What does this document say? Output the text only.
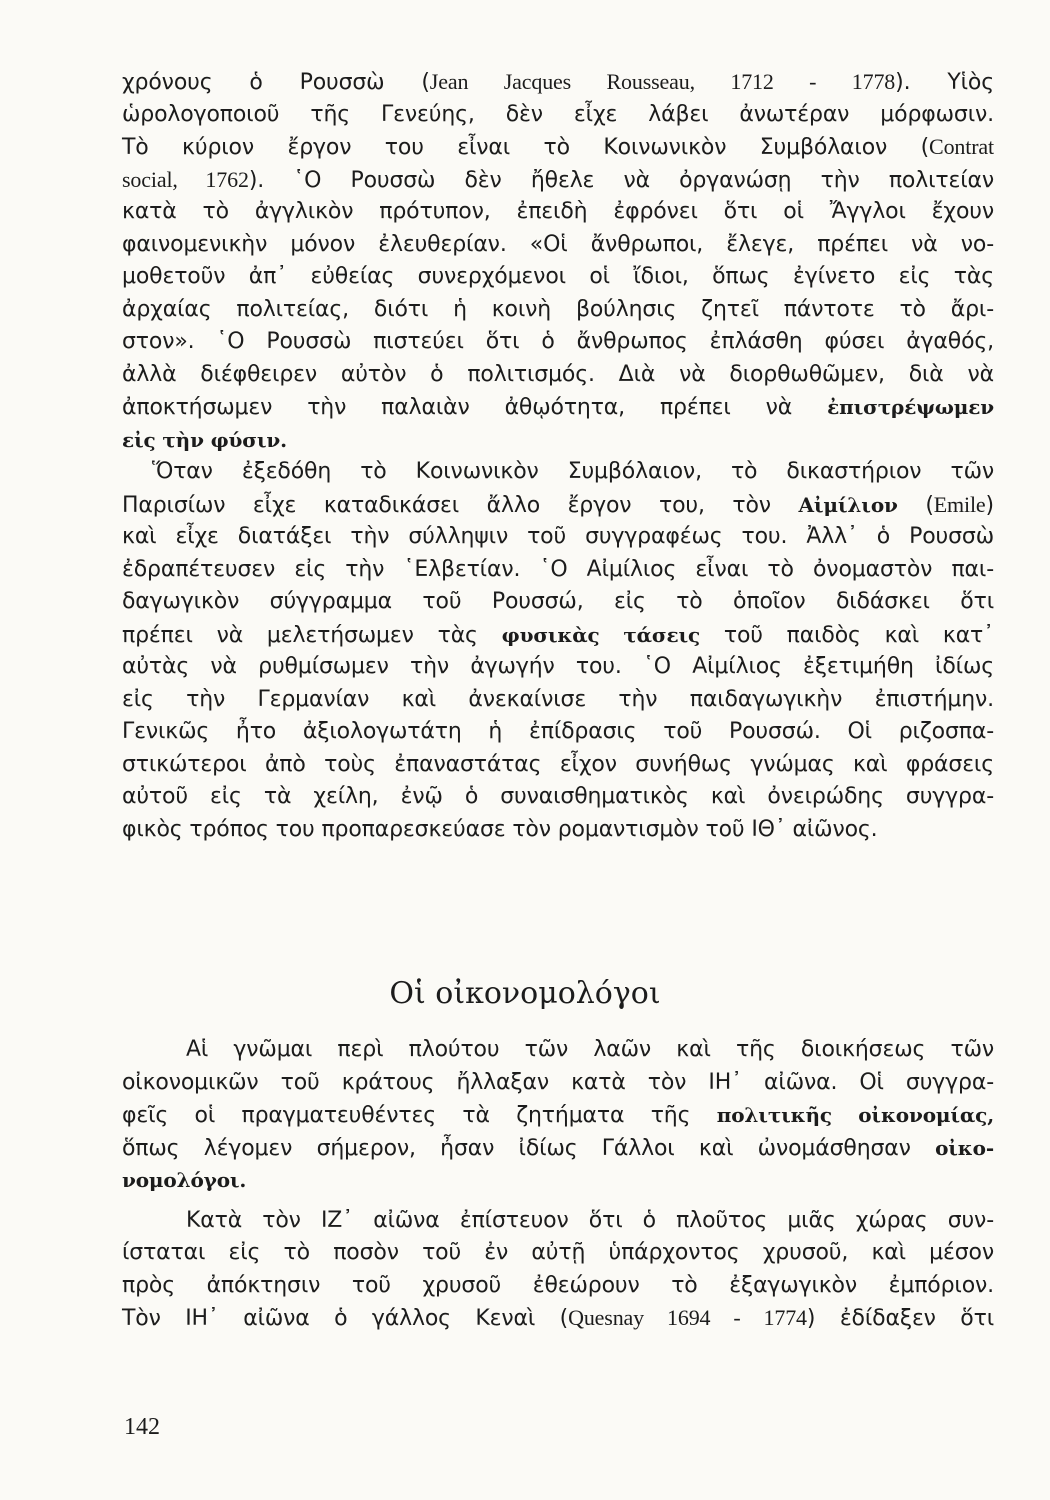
χρόνους ὁ Ρουσσὼ (Jean Jacques Rousseau, 1712 - 1778). Υἱὸς
ὡρολογοποιοῦ τῆς Γενεύης, δὲν εἶχε λάβει ἀνωτέραν μόρφωσιν.
Τὸ κύριον ἔργον του εἶναι τὸ Κοινωνικὸν Συμβόλαιον (Contrat
social, 1762). ῾Ο Ρουσσὼ δὲν ἤθελε νὰ ὀργανώσῃ τὴν πολιτείαν
κατὰ τὸ ἀγγλικὸν πρότυπον, ἐπειδὴ ἐφρόνει ὅτι οἱ Ἄγγλοι ἔχουν
φαινομενικὴν μόνον ἐλευθερίαν. «Οἱ ἄνθρωποι, ἔλεγε, πρέπει νὰ νο-
μοθετοῦν ἀπ᾿ εὐθείας συνερχόμενοι οἱ ἴδιοι, ὅπως ἐγίνετο εἰς τὰς
ἀρχαίας πολιτείας, διότι ἡ κοινὴ βούλησις ζητεῖ πάντοτε τὸ ἄρι-
στον». ῾Ο Ρουσσὼ πιστεύει ὅτι ὁ ἄνθρωπος ἐπλάσθη φύσει ἀγαθός,
ἀλλὰ διέφθειρεν αὐτὸν ὁ πολιτισμός. Διὰ νὰ διορθωθῶμεν, διὰ νὰ
ἀποκτήσωμεν τὴν παλαιὰν ἀθῳότητα, πρέπει νὰ ἐπιστρέψωμεν
εἰς τὴν φύσιν.
Ὅταν ἐξεδόθη τὸ Κοινωνικὸν Συμβόλαιον, τὸ δικαστήριον τῶν
Παρισίων εἶχε καταδικάσει ἄλλο ἔργον του, τὸν Αἰμίλιον (Emile)
καὶ εἶχε διατάξει τὴν σύλληψιν τοῦ συγγραφέως του. Ἀλλ᾿ ὁ Ρουσσὼ
ἐδραπέτευσεν εἰς τὴν ῾Ελβετίαν. ῾Ο Αἰμίλιος εἶναι τὸ ὀνομαστὸν παι-
δαγωγικὸν σύγγραμμα τοῦ Ρουσσώ, εἰς τὸ ὁποῖον διδάσκει ὅτι
πρέπει νὰ μελετήσωμεν τὰς φυσικὰς τάσεις τοῦ παιδὸς καὶ κατ᾿
αὐτὰς νὰ ρυθμίσωμεν τὴν ἀγωγήν του. ῾Ο Αἰμίλιος ἐξετιμήθη ἰδίως
εἰς τὴν Γερμανίαν καὶ ἀνεκαίνισε τὴν παιδαγωγικὴν ἐπιστήμην.
Γενικῶς ἦτο ἀξιολογωτάτη ἡ ἐπίδρασις τοῦ Ρουσσώ. Οἱ ριζοσπα-
στικώτεροι ἀπὸ τοὺς ἐπαναστάτας εἶχον συνήθως γνώμας καὶ φράσεις
αὐτοῦ εἰς τὰ χείλη, ἐνῷ ὁ συναισθηματικὸς καὶ ὀνειρώδης συγγρα-
φικὸς τρόπος του προπαρεσκεύασε τὸν ρομαντισμὸν τοῦ ΙΘ᾿ αἰῶνος.
Οἱ οἰκονομολόγοι
Αἱ γνῶμαι περὶ πλούτου τῶν λαῶν καὶ τῆς διοικήσεως τῶν
οἰκονομικῶν τοῦ κράτους ἤλλαξαν κατὰ τὸν ΙΗ᾿ αἰῶνα. Οἱ συγγρα-
φεῖς οἱ πραγματευθέντες τὰ ζητήματα τῆς πολιτικῆς οἰκονομίας,
ὅπως λέγομεν σήμερον, ἦσαν ἰδίως Γάλλοι καὶ ὠνομάσθησαν οἰκο-
νομολόγοι.
Κατὰ τὸν ΙΖ᾿ αἰῶνα ἐπίστευον ὅτι ὁ πλοῦτος μιᾶς χώρας συν-
ίσταται εἰς τὸ ποσὸν τοῦ ἐν αὐτῇ ὑπάρχοντος χρυσοῦ, καὶ μέσον
πρὸς ἀπόκτησιν τοῦ χρυσοῦ ἐθεώρουν τὸ ἐξαγωγικὸν ἐμπόριον.
Τὸν ΙΗ᾿ αἰῶνα ὁ γάλλος Κεναὶ (Quesnay 1694 - 1774) ἐδίδαξεν ὅτι
142
